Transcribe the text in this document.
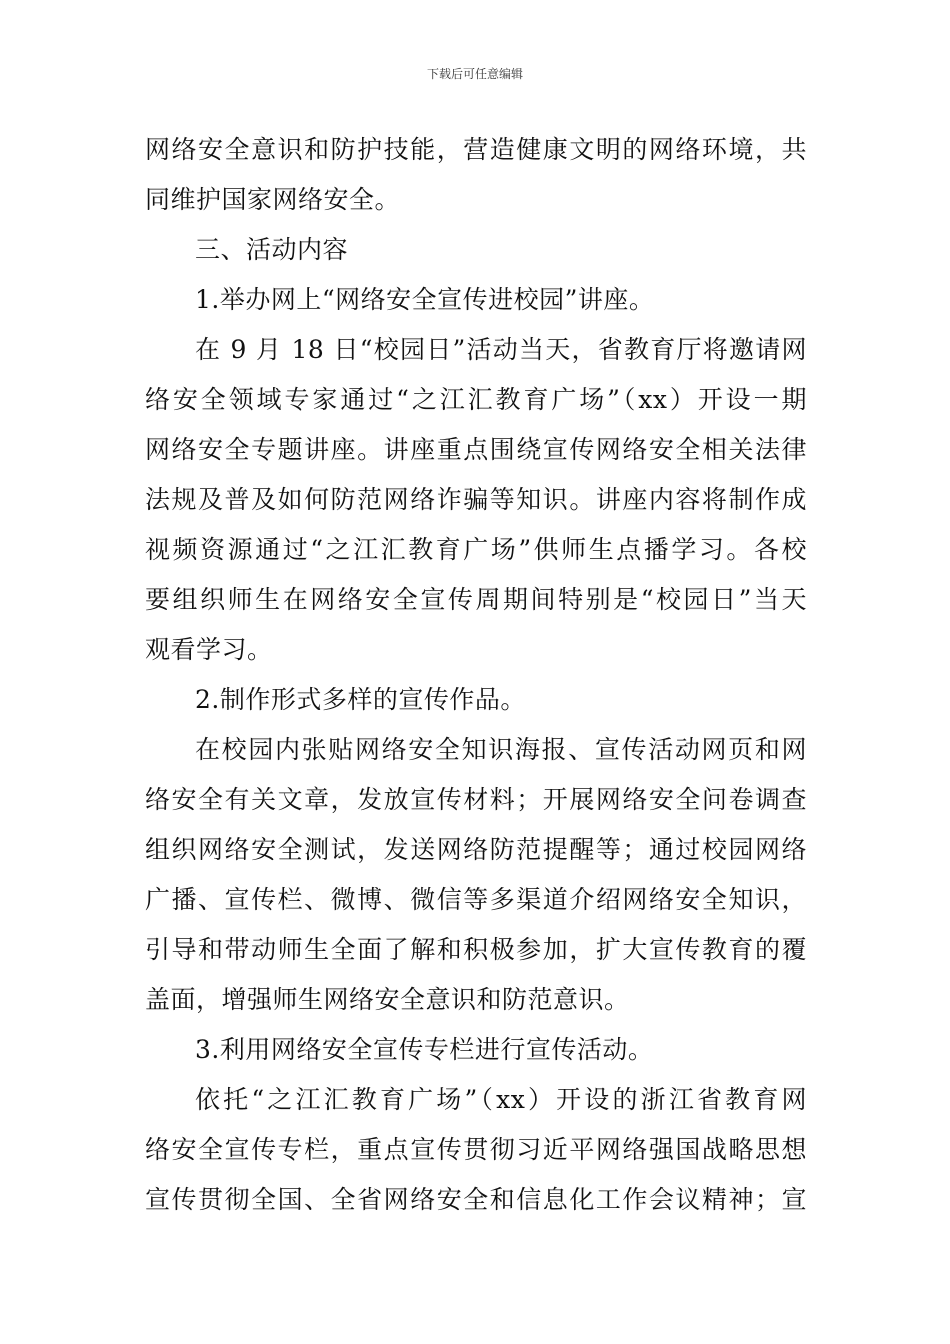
下载后可任意编辑
网络安全意识和防护技能，营造健康文明的网络环境，共
同维护国家网络安全。
三、活动内容
1.举办网上“网络安全宣传进校园”讲座。
在 9 月 18 日“校园日”活动当天，省教育厅将邀请网
络安全领域专家通过“之江汇教育广场”（xx）开设一期
网络安全专题讲座。讲座重点围绕宣传网络安全相关法律
法规及普及如何防范网络诈骗等知识。讲座内容将制作成
视频资源通过“之江汇教育广场”供师生点播学习。各校
要组织师生在网络安全宣传周期间特别是“校园日”当天
观看学习。
2.制作形式多样的宣传作品。
在校园内张贴网络安全知识海报、宣传活动网页和网
络安全有关文章，发放宣传材料；开展网络安全问卷调查
组织网络安全测试，发送网络防范提醒等；通过校园网络
广播、宣传栏、微博、微信等多渠道介绍网络安全知识，
引导和带动师生全面了解和积极参加，扩大宣传教育的覆
盖面，增强师生网络安全意识和防范意识。
3.利用网络安全宣传专栏进行宣传活动。
依托“之江汇教育广场”（xx）开设的浙江省教育网
络安全宣传专栏，重点宣传贯彻习近平网络强国战略思想
宣传贯彻全国、全省网络安全和信息化工作会议精神；宣
